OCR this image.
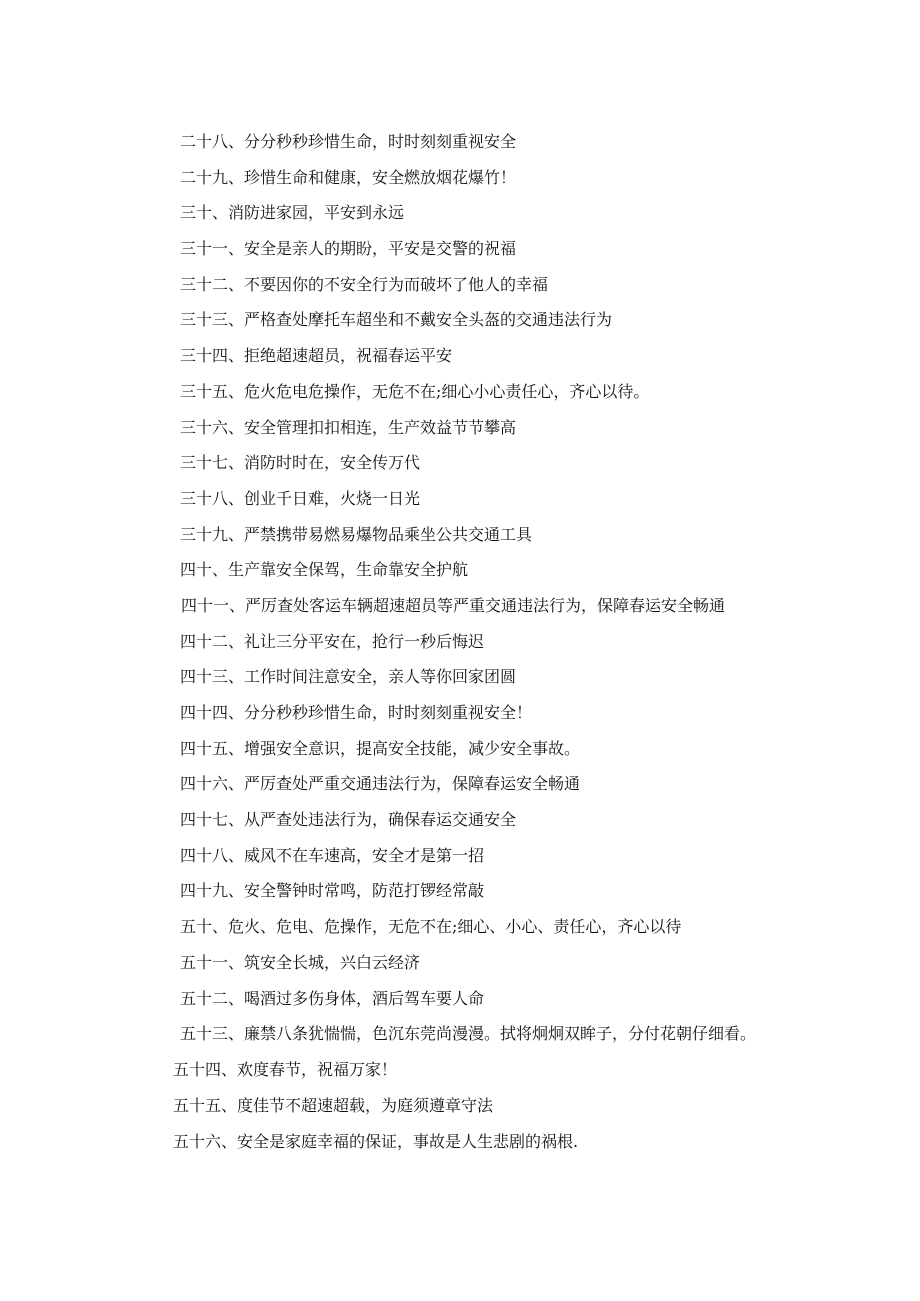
二十八、分分秒秒珍惜生命，时时刻刻重视安全

二十九、珍惜生命和健康，安全燃放烟花爆竹！

三十、消防进家园，平安到永远

三十一、安全是亲人的期盼，平安是交警的祝福

三十二、不要因你的不安全行为而破坏了他人的幸福

三十三、严格查处摩托车超坐和不戴安全头盔的交通违法行为

三十四、拒绝超速超员，祝福春运平安

三十五、危火危电危操作，无危不在;细心小心责任心，齐心以待。

三十六、安全管理扣扣相连，生产效益节节攀高

三十七、消防时时在，安全传万代

三十八、创业千日难，火烧一日光

三十九、严禁携带易燃易爆物品乘坐公共交通工具

四十、生产靠安全保驾，生命靠安全护航

四十一、严厉查处客运车辆超速超员等严重交通违法行为，保障春运安全畅通

四十二、礼让三分平安在，抢行一秒后悔迟

四十三、工作时间注意安全，亲人等你回家团圆

四十四、分分秒秒珍惜生命，时时刻刻重视安全！

四十五、增强安全意识，提高安全技能，减少安全事故。

四十六、严厉查处严重交通违法行为，保障春运安全畅通

四十七、从严查处违法行为，确保春运交通安全

四十八、威风不在车速高，安全才是第一招

四十九、安全警钟时常鸣，防范打锣经常敲

五十、危火、危电、危操作，无危不在;细心、小心、责任心，齐心以待

五十一、筑安全长城，兴白云经济

五十二、喝酒过多伤身体，酒后驾车要人命

五十三、廉禁八条犹惴惴，色沉东莞尚漫漫。拭将炯炯双眸子，分付花朝仔细看。

五十四、欢度春节，祝福万家！

五十五、度佳节不超速超载，为庭须遵章守法

五十六、安全是家庭幸福的保证，事故是人生悲剧的祸根.
